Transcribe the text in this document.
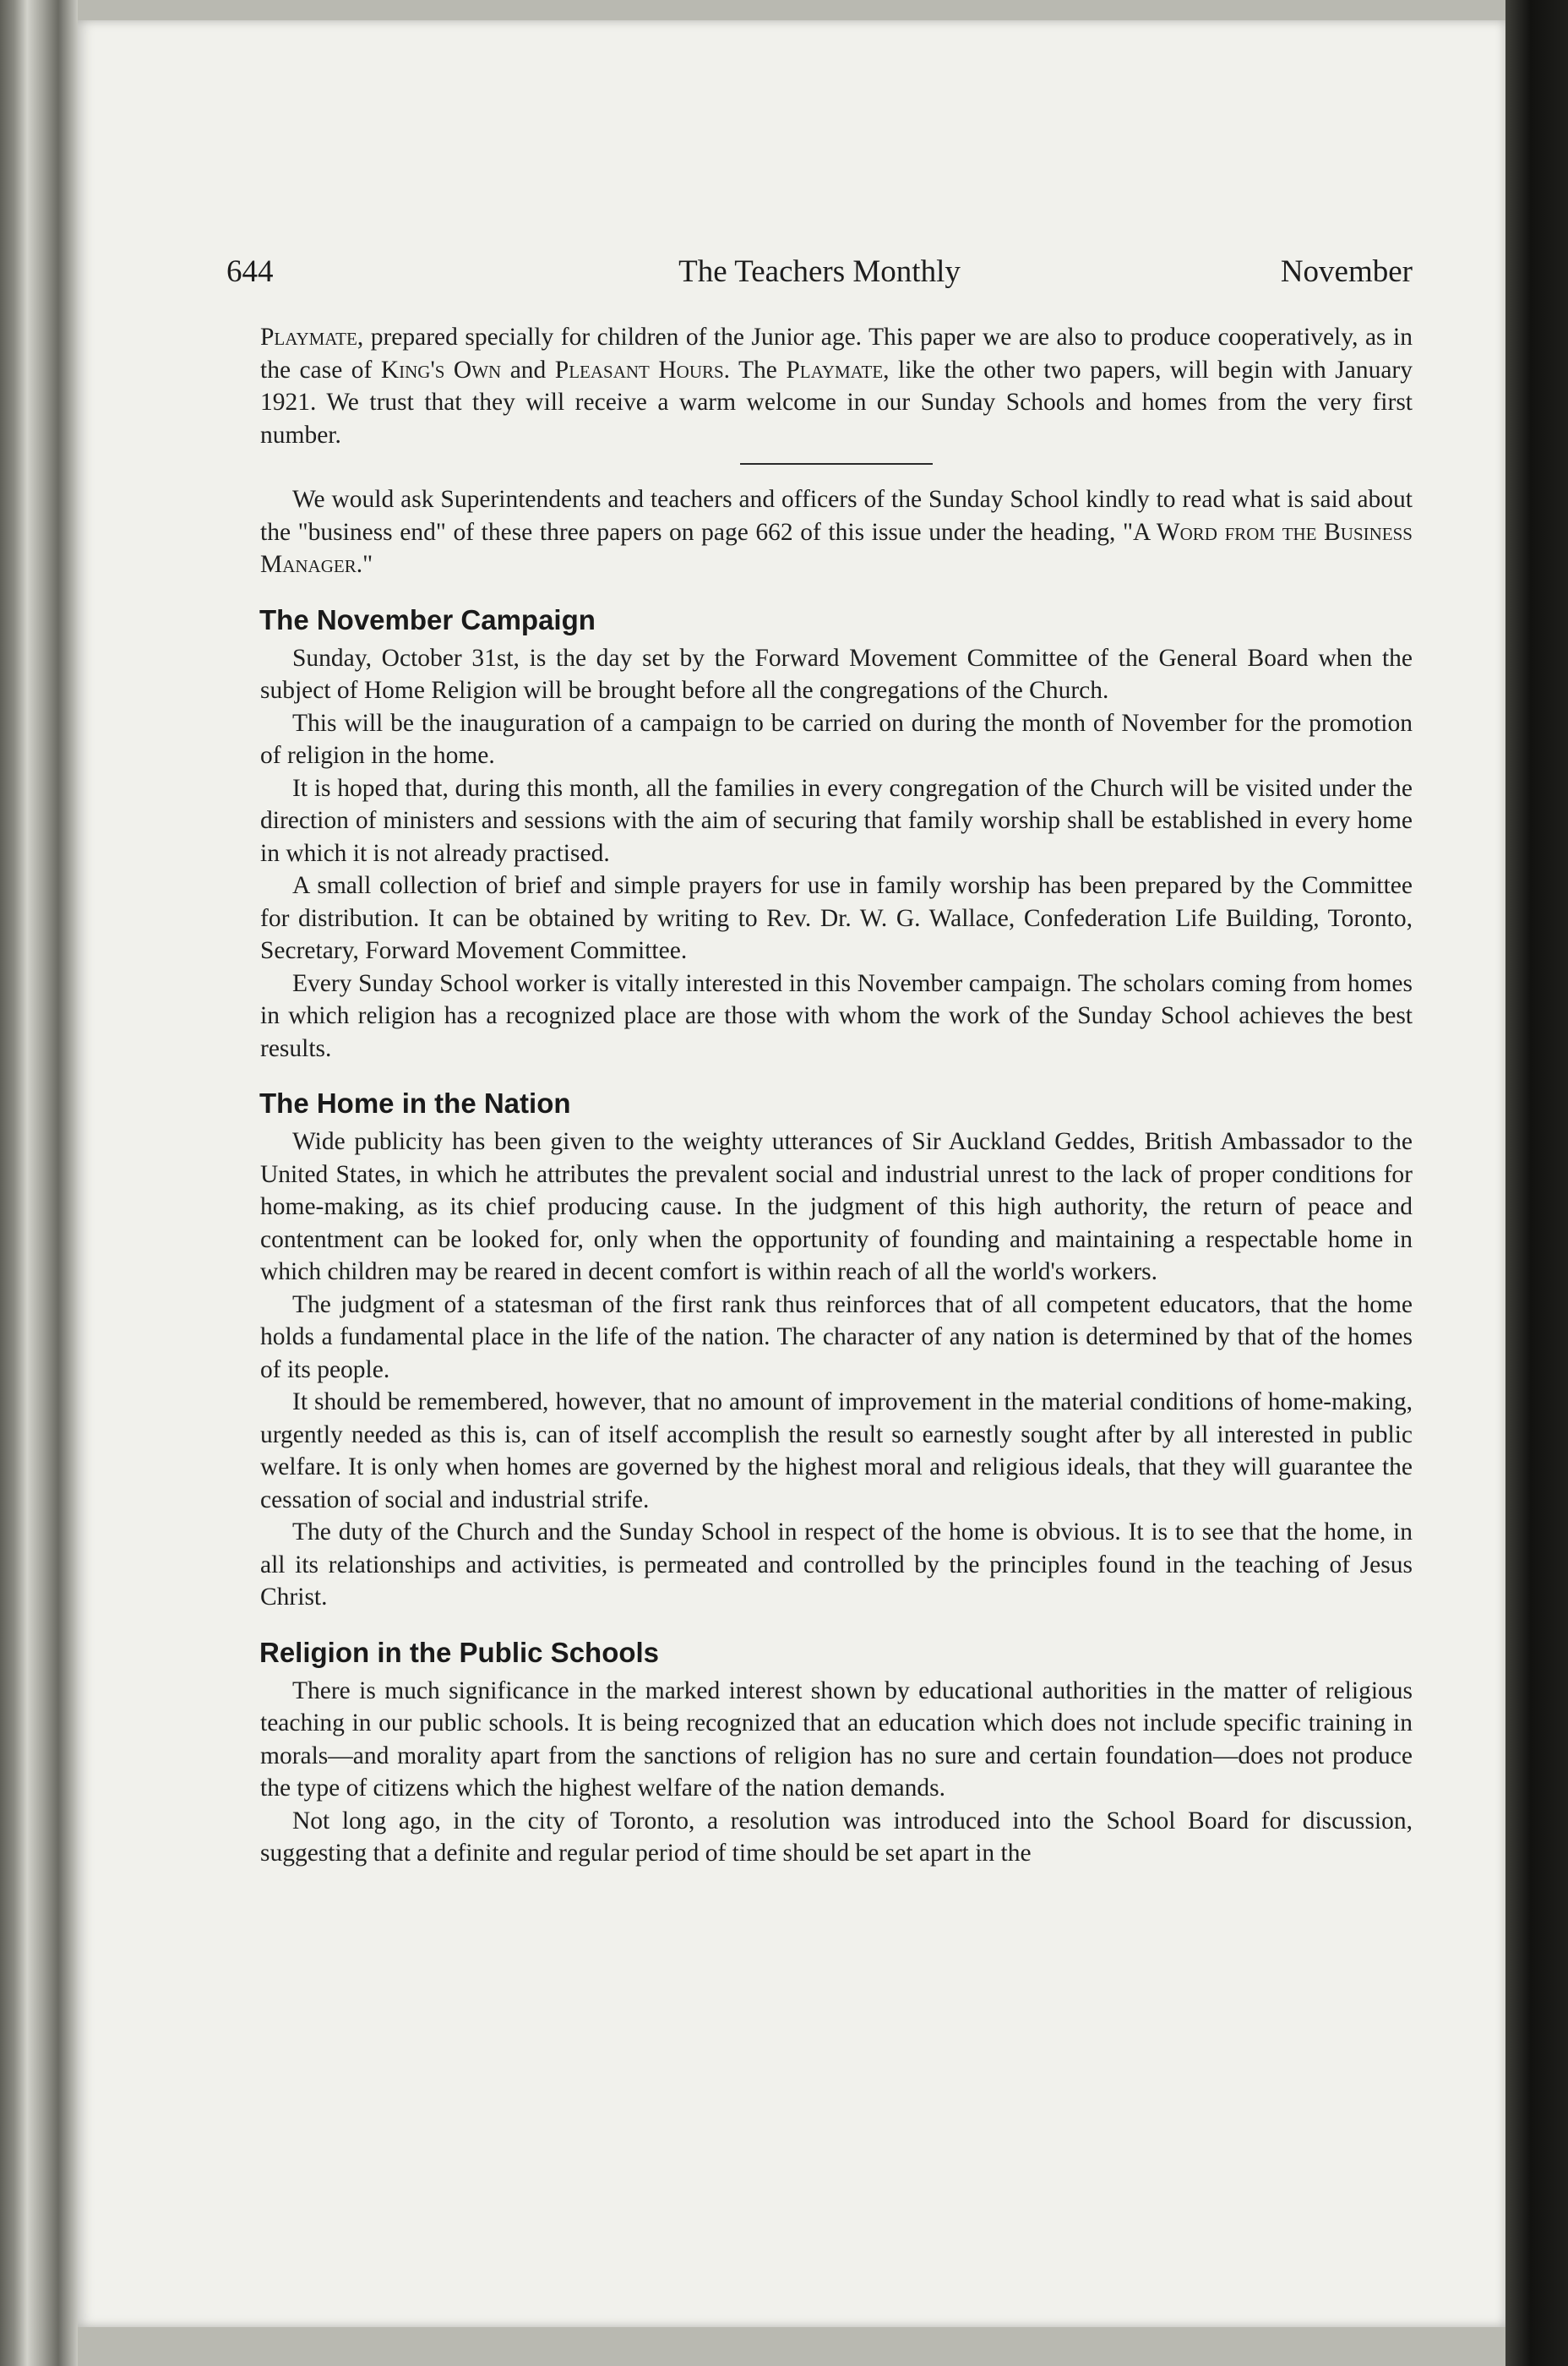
The Teachers Monthly
644	November

Playmate, prepared specially for children of the Junior age. This paper we are also to produce cooperatively, as in the case of King's Own and Pleasant Hours. The Playmate, like the other two papers, will begin with January 1921. We trust that they will receive a warm welcome in our Sunday Schools and homes from the very first number.

We would ask Superintendents and teachers and officers of the Sunday School kindly to read what is said about the "business end" of these three papers on page 662 of this issue under the heading, "A Word from the Business Manager."

The November Campaign

Sunday, October 31st, is the day set by the Forward Movement Committee of the General Board when the subject of Home Religion will be brought before all the congregations of the Church.

This will be the inauguration of a campaign to be carried on during the month of November for the promotion of religion in the home.

It is hoped that, during this month, all the families in every congregation of the Church will be visited under the direction of ministers and sessions with the aim of securing that family worship shall be established in every home in which it is not already practised.

A small collection of brief and simple prayers for use in family worship has been prepared by the Committee for distribution. It can be obtained by writing to Rev. Dr. W. G. Wallace, Confederation Life Building, Toronto, Secretary, Forward Movement Committee.

Every Sunday School worker is vitally interested in this November campaign. The scholars coming from homes in which religion has a recognized place are those with whom the work of the Sunday School achieves the best results.

The Home in the Nation

Wide publicity has been given to the weighty utterances of Sir Auckland Geddes, British Ambassador to the United States, in which he attributes the prevalent social and industrial unrest to the lack of proper conditions for home-making, as its chief producing cause. In the judgment of this high authority, the return of peace and contentment can be looked for, only when the opportunity of founding and maintaining a respectable home in which children may be reared in decent comfort is within reach of all the world's workers.

The judgment of a statesman of the first rank thus reinforces that of all competent educators, that the home holds a fundamental place in the life of the nation. The character of any nation is determined by that of the homes of its people.

It should be remembered, however, that no amount of improvement in the material conditions of home-making, urgently needed as this is, can of itself accomplish the result so earnestly sought after by all interested in public welfare. It is only when homes are governed by the highest moral and religious ideals, that they will guarantee the cessation of social and industrial strife.

The duty of the Church and the Sunday School in respect of the home is obvious. It is to see that the home, in all its relationships and activities, is permeated and controlled by the principles found in the teaching of Jesus Christ.

Religion in the Public Schools

There is much significance in the marked interest shown by educational authorities in the matter of religious teaching in our public schools. It is being recognized that an education which does not include specific training in morals—and morality apart from the sanctions of religion has no sure and certain foundation—does not produce the type of citizens which the highest welfare of the nation demands.

Not long ago, in the city of Toronto, a resolution was introduced into the School Board for discussion, suggesting that a definite and regular period of time should be set apart in the
